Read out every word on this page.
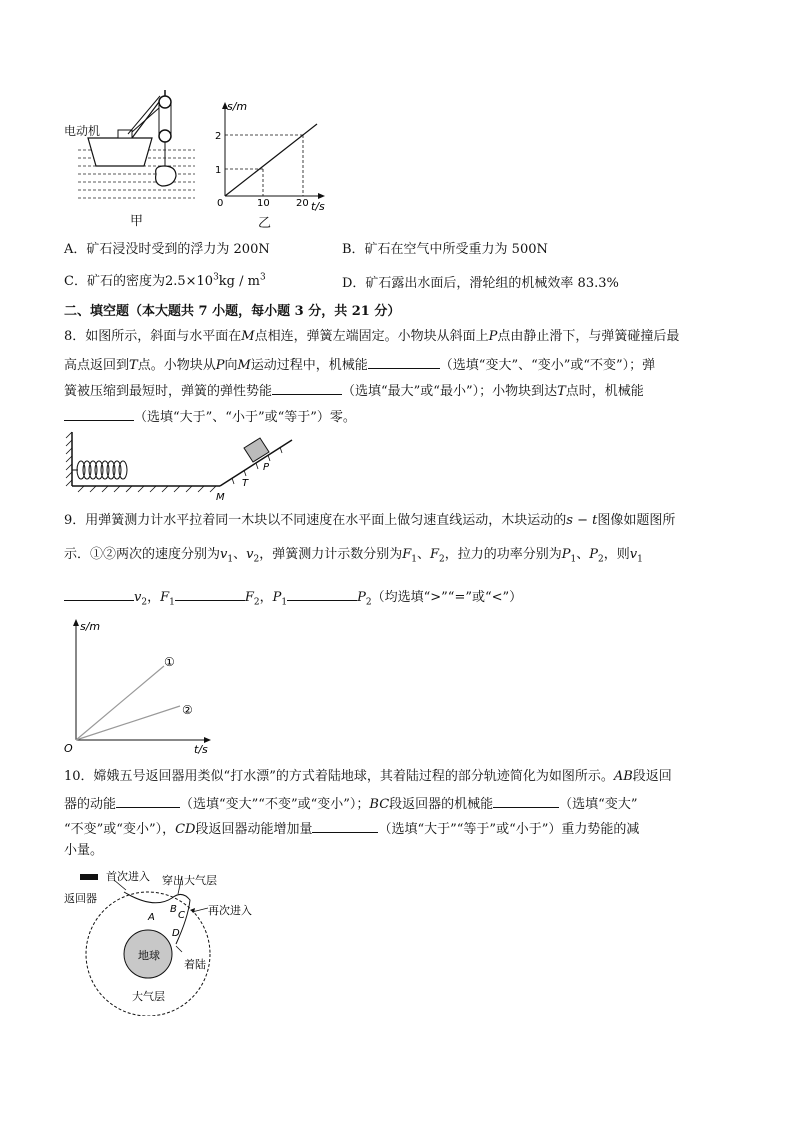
电动机
甲
s/m
t/s
0
2
1
10	20
乙
A．矿石浸没时受到的浮力为 200N	B．矿石在空气中所受重力为 500N
C．矿石的密度为$2.5\times 10^3kg / m^3$	D．矿石露出水面后，滑轮组的机械效率 83.3%
二、填空题（本大题共 7 小题，每小题 3 分，共 21 分）
8．如图所示，斜面与水平面在M点相连，弹簧左端固定。小物块从斜面上P点由静止滑下，与弹簧碰撞后最
高点返回到T点。小物块从P向M运动过程中，机械能	（选填“变大”、“变小”或“不变”）；弹
簧被压缩到最短时，弹簧的弹性势能	（选填“最大”或“最小”）；小物块到达T点时，机械能
（选填“大于”、“小于”或“等于”）零。
M
T
P
9．用弹簧测力计水平拉着同一木块以不同速度在水平面上做匀速直线运动，木块运动的s − t图像如题图所
示．①②两次的速度分别为$v_1$、$v_2$，弹簧测力计示数分别为$F_1$、$F_2$，拉力的功率分别为$P_1$、$P_2$，则$v_1$
$v_2$，$F_1$	$F_2$，$P_1$	$P_2$（均选填“>”“=”或“<”）
s/m
t/s
O
①
②
10．嫦娥五号返回器用类似“打水漂”的方式着陆地球，其着陆过程的部分轨迹简化为如图所示。AB段返回
器的动能	（选填“变大”“不变”或“变小”）；BC段返回器的机械能	（选填“变大”
“不变”或“变小”），CD段返回器动能增加量	（选填“大于”“等于”或“小于”）重力势能的减
小量。
返回器
首次进入 穿出大气层
再次进入
地球
着陆
大气层
A
B
C
D
